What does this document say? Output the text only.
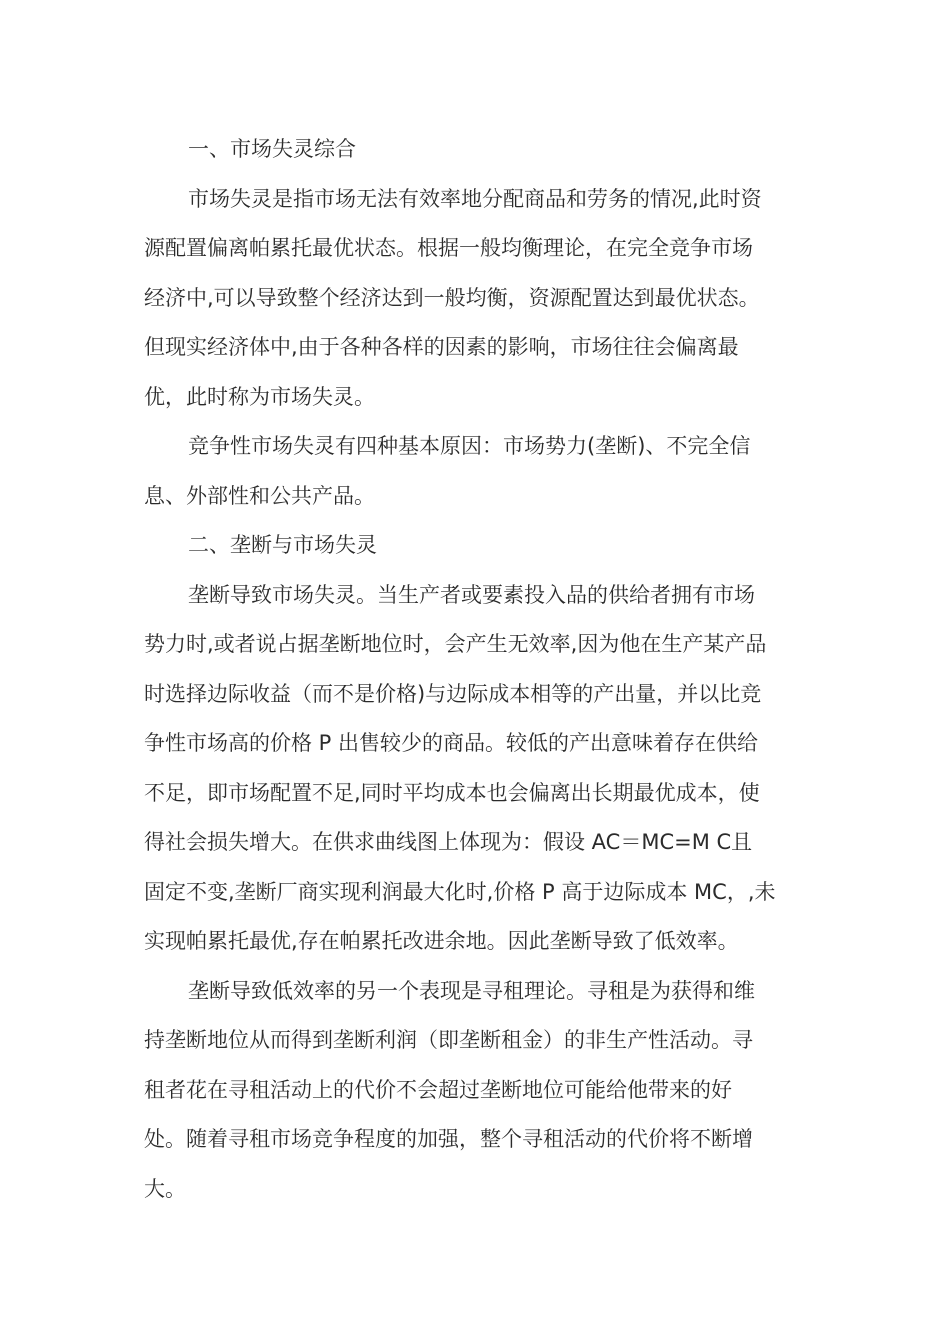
一、市场失灵综合
市场失灵是指市场无法有效率地分配商品和劳务的情况,此时资
源配置偏离帕累托最优状态。根据一般均衡理论，在完全竞争市场
经济中,可以导致整个经济达到一般均衡，资源配置达到最优状态。
但现实经济体中,由于各种各样的因素的影响，市场往往会偏离最
优，此时称为市场失灵。
竞争性市场失灵有四种基本原因：市场势力(垄断)、不完全信
息、外部性和公共产品。
二、垄断与市场失灵
垄断导致市场失灵。当生产者或要素投入品的供给者拥有市场
势力时,或者说占据垄断地位时，会产生无效率,因为他在生产某产品
时选择边际收益（而不是价格)与边际成本相等的产出量，并以比竞
争性市场高的价格 P 出售较少的商品。较低的产出意味着存在供给
不足，即市场配置不足,同时平均成本也会偏离出长期最优成本，使
得社会损失增大。在供求曲线图上体现为：假设 AC＝MC=M C且
固定不变,垄断厂商实现利润最大化时,价格 P 高于边际成本 MC，,未
实现帕累托最优,存在帕累托改进余地。因此垄断导致了低效率。
垄断导致低效率的另一个表现是寻租理论。寻租是为获得和维
持垄断地位从而得到垄断利润（即垄断租金）的非生产性活动。寻
租者花在寻租活动上的代价不会超过垄断地位可能给他带来的好
处。随着寻租市场竞争程度的加强，整个寻租活动的代价将不断增
大。
